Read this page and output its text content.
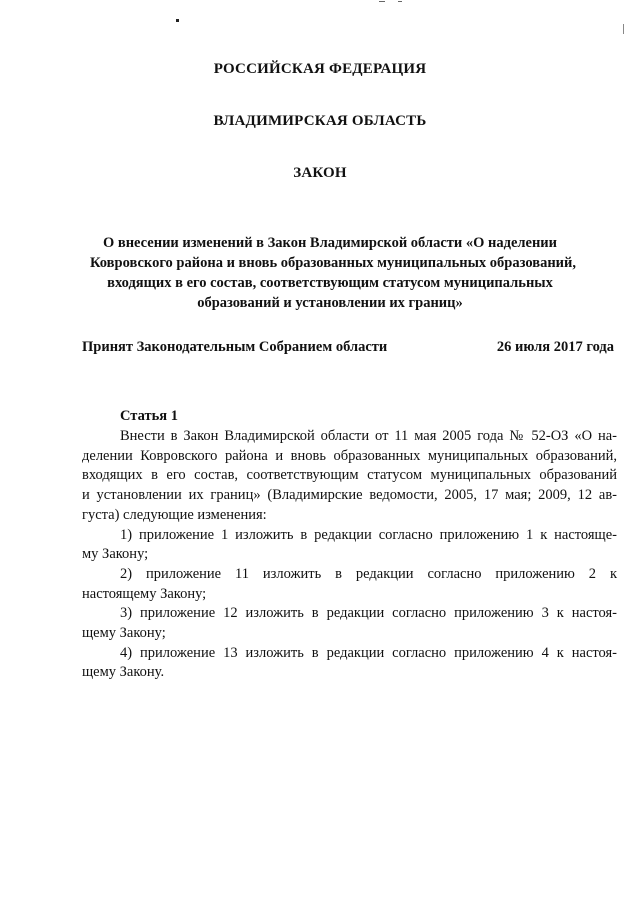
РОССИЙСКАЯ ФЕДЕРАЦИЯ
ВЛАДИМИРСКАЯ ОБЛАСТЬ
ЗАКОН
О внесении изменений в Закон Владимирской области «О наделении
Ковровского района и вновь образованных муниципальных образований,
входящих в его состав, соответствующим статусом муниципальных
образований и установлении их границ»
Принят Законодательным Собранием области	26 июля 2017 года
Статья 1
Внести в Закон Владимирской области от 11 мая 2005 года № 52-ОЗ «О на-
делении Ковровского района и вновь образованных муниципальных образований,
входящих в его состав, соответствующим статусом муниципальных образований
и установлении их границ» (Владимирские ведомости, 2005, 17 мая; 2009, 12 ав-
густа) следующие изменения:
1) приложение 1 изложить в редакции согласно приложению 1 к настояще-
му Закону;
2) приложение 11 изложить в редакции согласно приложению 2 к
настоящему Закону;
3) приложение 12 изложить в редакции согласно приложению 3 к настоя-
щему Закону;
4) приложение 13 изложить в редакции согласно приложению 4 к настоя-
щему Закону.
